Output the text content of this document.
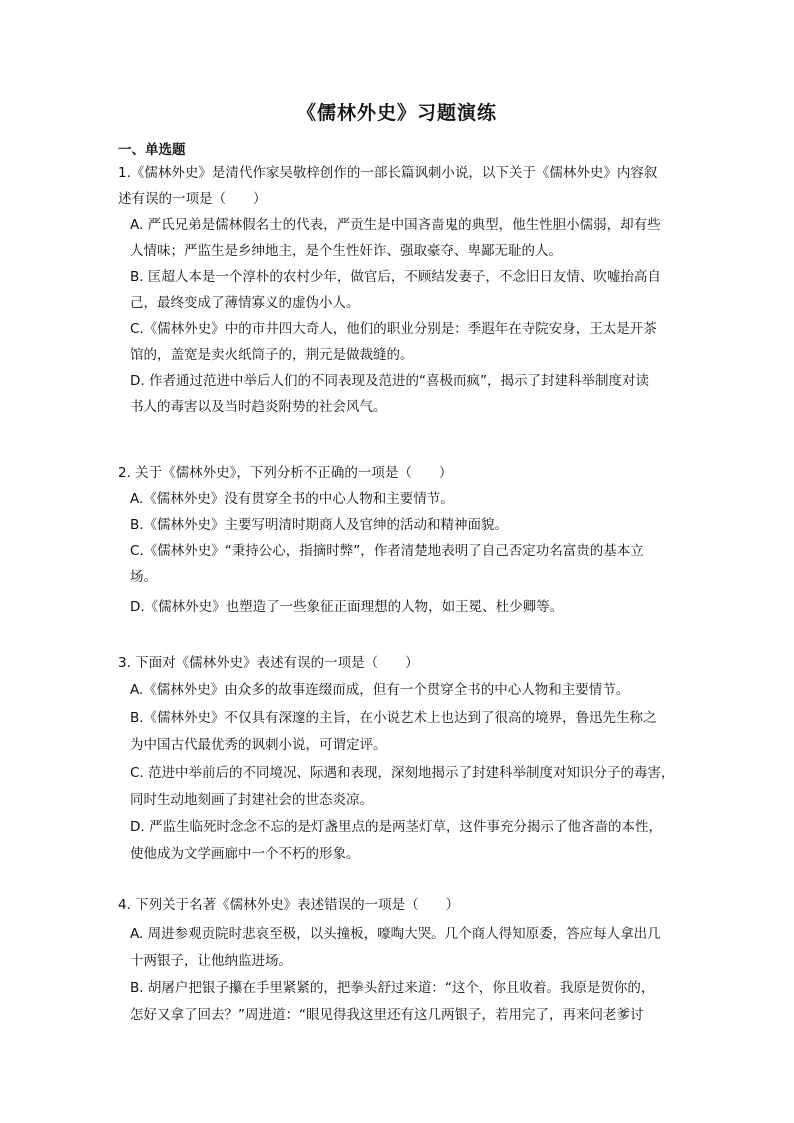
《儒林外史》习题演练
一、单选题
1.《儒林外史》是清代作家吴敬梓创作的一部长篇讽刺小说，以下关于《儒林外史》内容叙
述有误的一项是（　　）
A. 严氏兄弟是儒林假名士的代表，严贡生是中国吝啬鬼的典型，他生性胆小儒弱，却有些
人情味；严监生是乡绅地主，是个生性奸诈、强取豪夺、卑鄙无耻的人。
B. 匡超人本是一个淳朴的农村少年，做官后，不顾结发妻子，不念旧日友情、吹嘘抬高自
己，最终变成了薄情寡义的虚伪小人。
C.《儒林外史》中的市井四大奇人，他们的职业分别是：季遐年在寺院安身，王太是开茶
馆的，盖宽是卖火纸筒子的，荆元是做裁缝的。
D. 作者通过范进中举后人们的不同表现及范进的“喜极而疯”，揭示了封建科举制度对读
书人的毒害以及当时趋炎附势的社会风气。
2. 关于《儒林外史》，下列分析不正确的一项是（　　）
A.《儒林外史》没有贯穿全书的中心人物和主要情节。
B.《儒林外史》主要写明清时期商人及官绅的活动和精神面貌。
C.《儒林外史》“秉持公心，指摘时弊”，作者清楚地表明了自己否定功名富贵的基本立
场。
D.《儒林外史》也塑造了一些象征正面理想的人物，如王冕、杜少卿等。
3. 下面对《儒林外史》表述有误的一项是（　　）
A.《儒林外史》由众多的故事连缀而成，但有一个贯穿全书的中心人物和主要情节。
B.《儒林外史》不仅具有深邃的主旨，在小说艺术上也达到了很高的境界，鲁迅先生称之
为中国古代最优秀的讽刺小说，可谓定评。
C. 范进中举前后的不同境况、际遇和表现，深刻地揭示了封建科举制度对知识分子的毒害，
同时生动地刻画了封建社会的世态炎凉。
D. 严监生临死时念念不忘的是灯盏里点的是两茎灯草，这件事充分揭示了他吝啬的本性，
使他成为文学画廊中一个不朽的形象。
4. 下列关于名著《儒林外史》表述错误的一项是（　　）
A. 周进参观贡院时悲哀至极，以头撞板，嚎啕大哭。几个商人得知原委，答应每人拿出几
十两银子，让他纳监进场。
B. 胡屠户把银子攥在手里紧紧的，把拳头舒过来道：“这个，你且收着。我原是贺你的，
怎好又拿了回去？”周进道：“眼见得我这里还有这几两银子，若用完了，再来问老爹讨
